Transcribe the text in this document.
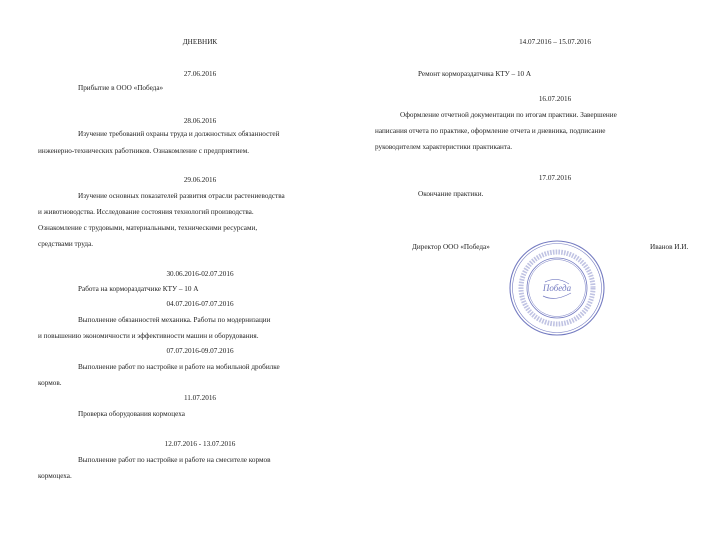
ДНЕВНИК
27.06.2016
Прибытие в ООО «Победа»
28.06.2016
Изучение требований охраны труда и должностных обязанностей
инженерно-технических работников. Ознакомление с предприятием.
29.06.2016
Изучение основных показателей развития отрасли растениеводства
и животноводства. Исследование состояния технологий производства.
Ознакомление с трудовыми, материальными, техническими ресурсами,
средствами труда.
30.06.2016-02.07.2016
Работа на кормораздатчике КТУ – 10 А
04.07.2016-07.07.2016
Выполнение обязанностей механика. Работы по модернизации
и повышению экономичности и эффективности машин и оборудования.
07.07.2016-09.07.2016
Выполнение работ по настройке и работе на мобильной дробилке
кормов.
11.07.2016
Проверка оборудования кормоцеха
12.07.2016 - 13.07.2016
Выполнение работ по настройке и работе на смесителе кормов
кормоцеха.
14.07.2016 – 15.07.2016
Ремонт кормораздатчика КТУ – 10 А
16.07.2016
Оформление отчетной документации по итогам практики. Завершение
написания отчета по практике, оформление отчета и дневника, подписание
руководителем характеристики практиканта.
17.07.2016
Окончание практики.
Директор ООО «Победа»	Иванов И.И.
Победа
